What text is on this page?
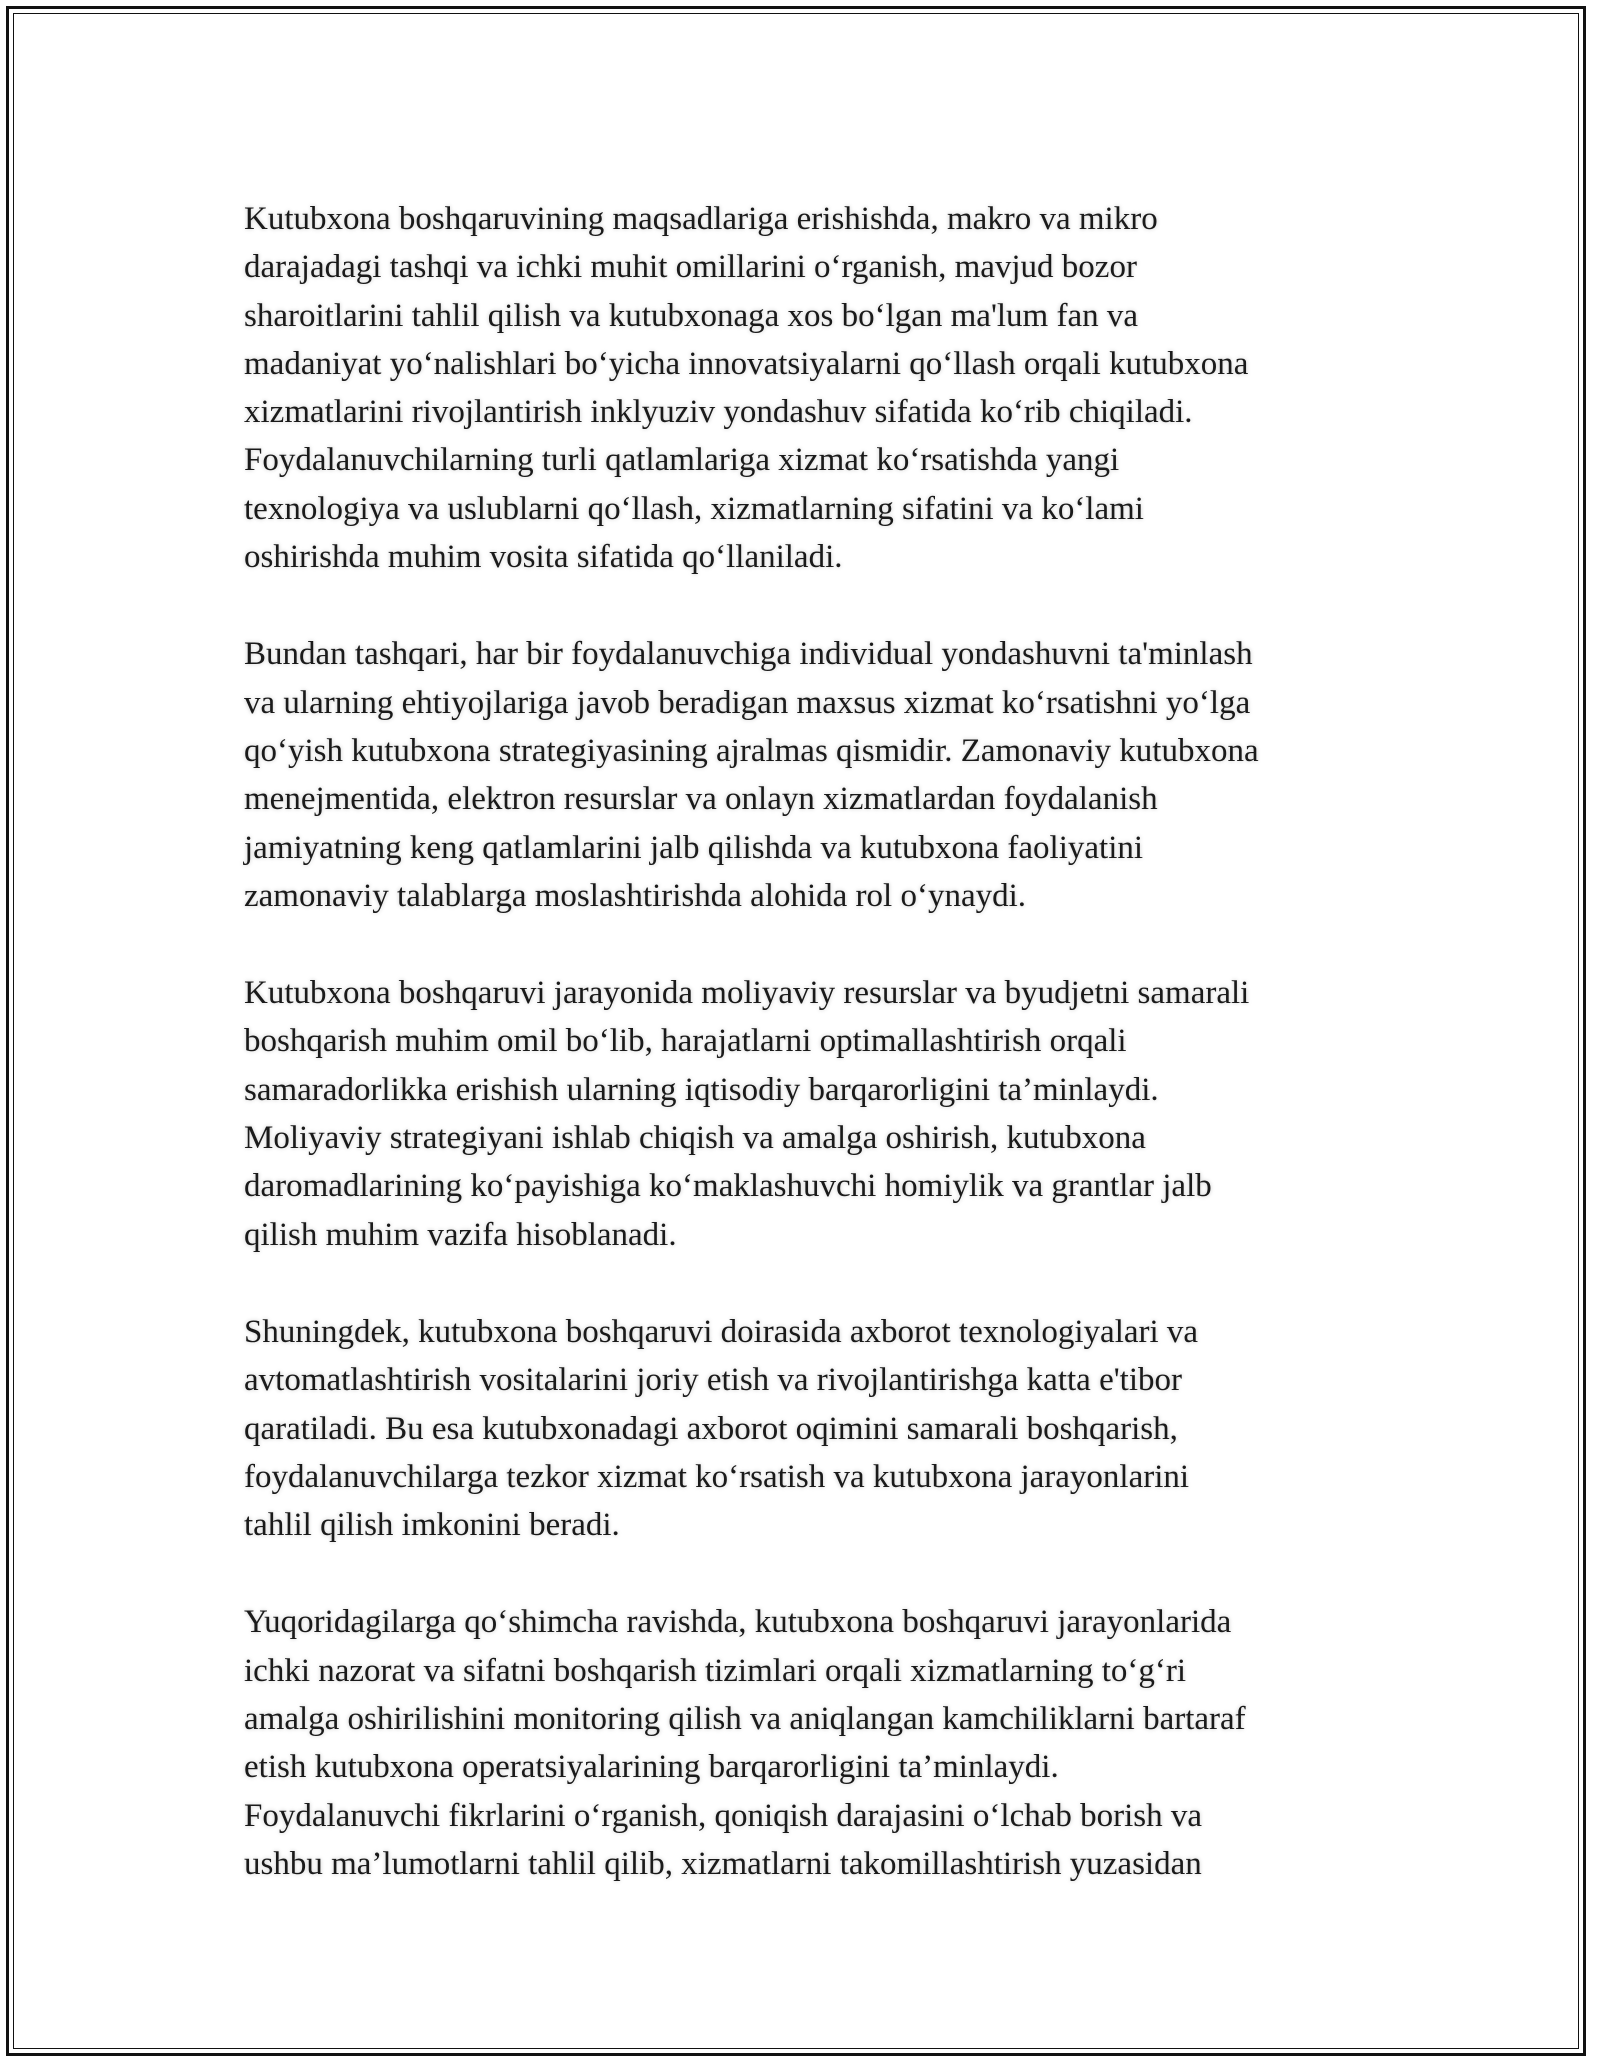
Kutubxona boshqaruvining maqsadlariga erishishda, makro va mikro
darajadagi tashqi va ichki muhit omillarini o‘rganish, mavjud bozor
sharoitlarini tahlil qilish va kutubxonaga xos bo‘lgan ma'lum fan va
madaniyat yo‘nalishlari bo‘yicha innovatsiyalarni qo‘llash orqali kutubxona
xizmatlarini rivojlantirish inklyuziv yondashuv sifatida ko‘rib chiqiladi.
Foydalanuvchilarning turli qatlamlariga xizmat ko‘rsatishda yangi
texnologiya va uslublarni qo‘llash, xizmatlarning sifatini va ko‘lami
oshirishda muhim vosita sifatida qo‘llaniladi.

Bundan tashqari, har bir foydalanuvchiga individual yondashuvni ta'minlash
va ularning ehtiyojlariga javob beradigan maxsus xizmat ko‘rsatishni yo‘lga
qo‘yish kutubxona strategiyasining ajralmas qismidir. Zamonaviy kutubxona
menejmentida, elektron resurslar va onlayn xizmatlardan foydalanish
jamiyatning keng qatlamlarini jalb qilishda va kutubxona faoliyatini
zamonaviy talablarga moslashtirishda alohida rol o‘ynaydi.

Kutubxona boshqaruvi jarayonida moliyaviy resurslar va byudjetni samarali
boshqarish muhim omil bo‘lib, harajatlarni optimallashtirish orqali
samaradorlikka erishish ularning iqtisodiy barqarorligini ta’minlaydi.
Moliyaviy strategiyani ishlab chiqish va amalga oshirish, kutubxona
daromadlarining ko‘payishiga ko‘maklashuvchi homiylik va grantlar jalb
qilish muhim vazifa hisoblanadi.

Shuningdek, kutubxona boshqaruvi doirasida axborot texnologiyalari va
avtomatlashtirish vositalarini joriy etish va rivojlantirishga katta e'tibor
qaratiladi. Bu esa kutubxonadagi axborot oqimini samarali boshqarish,
foydalanuvchilarga tezkor xizmat ko‘rsatish va kutubxona jarayonlarini
tahlil qilish imkonini beradi.

Yuqoridagilarga qo‘shimcha ravishda, kutubxona boshqaruvi jarayonlarida
ichki nazorat va sifatni boshqarish tizimlari orqali xizmatlarning to‘g‘ri
amalga oshirilishini monitoring qilish va aniqlangan kamchiliklarni bartaraf
etish kutubxona operatsiyalarining barqarorligini ta’minlaydi.
Foydalanuvchi fikrlarini o‘rganish, qoniqish darajasini o‘lchab borish va
ushbu ma’lumotlarni tahlil qilib, xizmatlarni takomillashtirish yuzasidan
